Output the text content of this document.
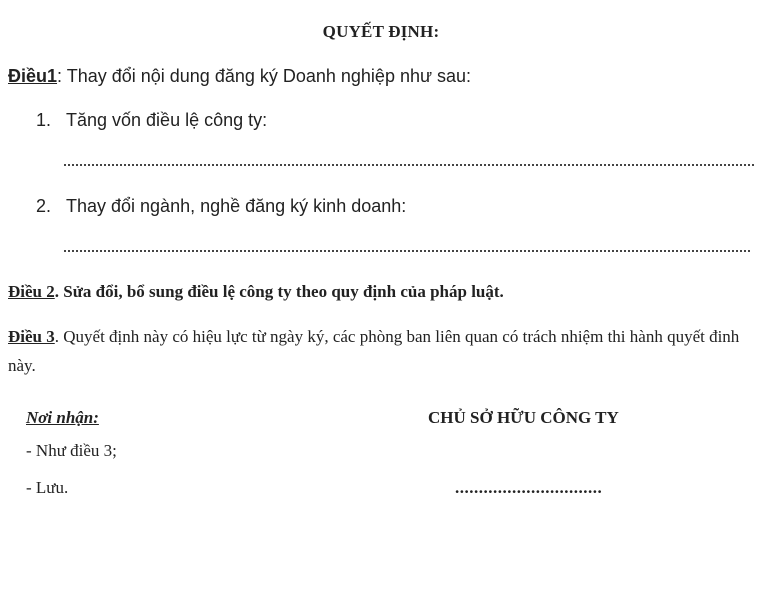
QUYẾT ĐỊNH:
Điều1: Thay đổi nội dung đăng ký Doanh nghiệp như sau:
1. Tăng vốn điều lệ công ty:
2. Thay đổi ngành, nghề đăng ký kinh doanh:
Điều 2. Sửa đổi, bổ sung điều lệ công ty theo quy định của pháp luật.
Điều 3. Quyết định này có hiệu lực từ ngày ký, các phòng ban liên quan có trách nhiệm thi hành quyết đinh này.
Nơi nhận:
- Như điều 3;
- Lưu.
CHỦ SỞ HỮU CÔNG TY
...............................
